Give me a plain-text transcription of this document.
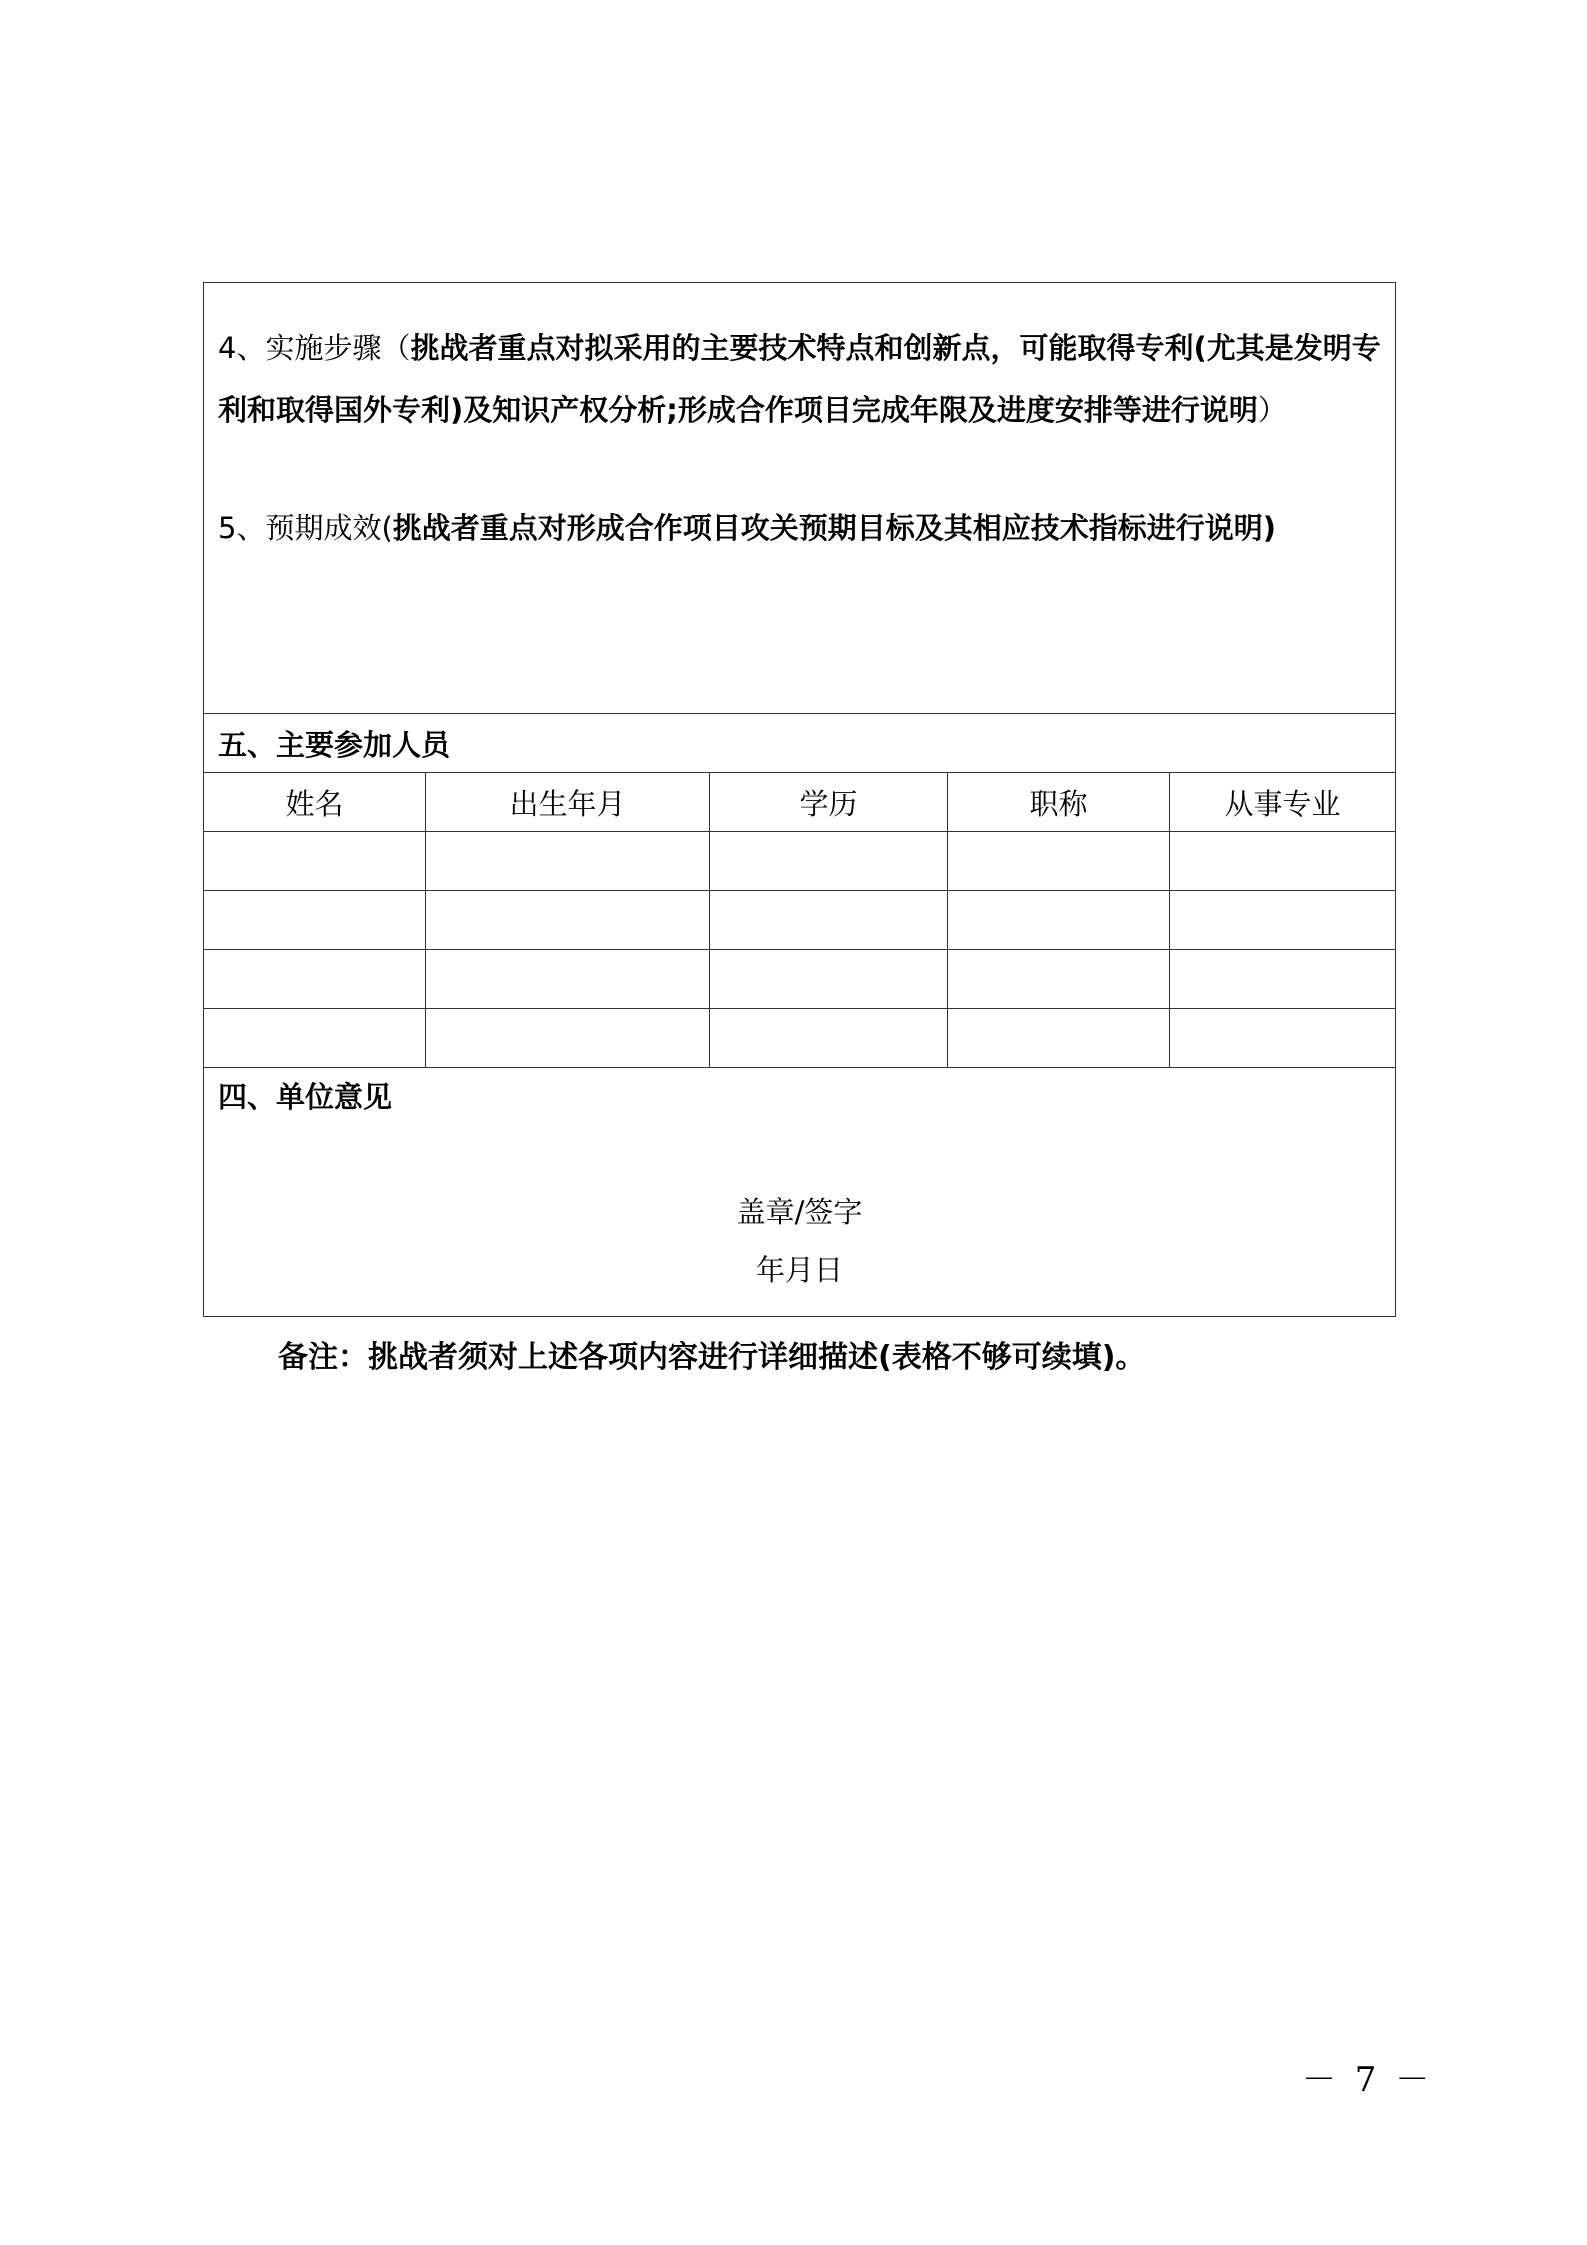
4、实施步骤（挑战者重点对拟采用的主要技术特点和创新点，可能取得专利(尤其是发明专利和取得国外专利)及知识产权分析;形成合作项目完成年限及进度安排等进行说明）

5、预期成效(挑战者重点对形成合作项目攻关预期目标及其相应技术指标进行说明)				

五、主要参加人员				
姓名	出生年月	学历	职称	从事专业

四、单位意见
盖章/签字
年月日				
备注：挑战者须对上述各项内容进行详细描述(表格不够可续填)。
－ 7 －
